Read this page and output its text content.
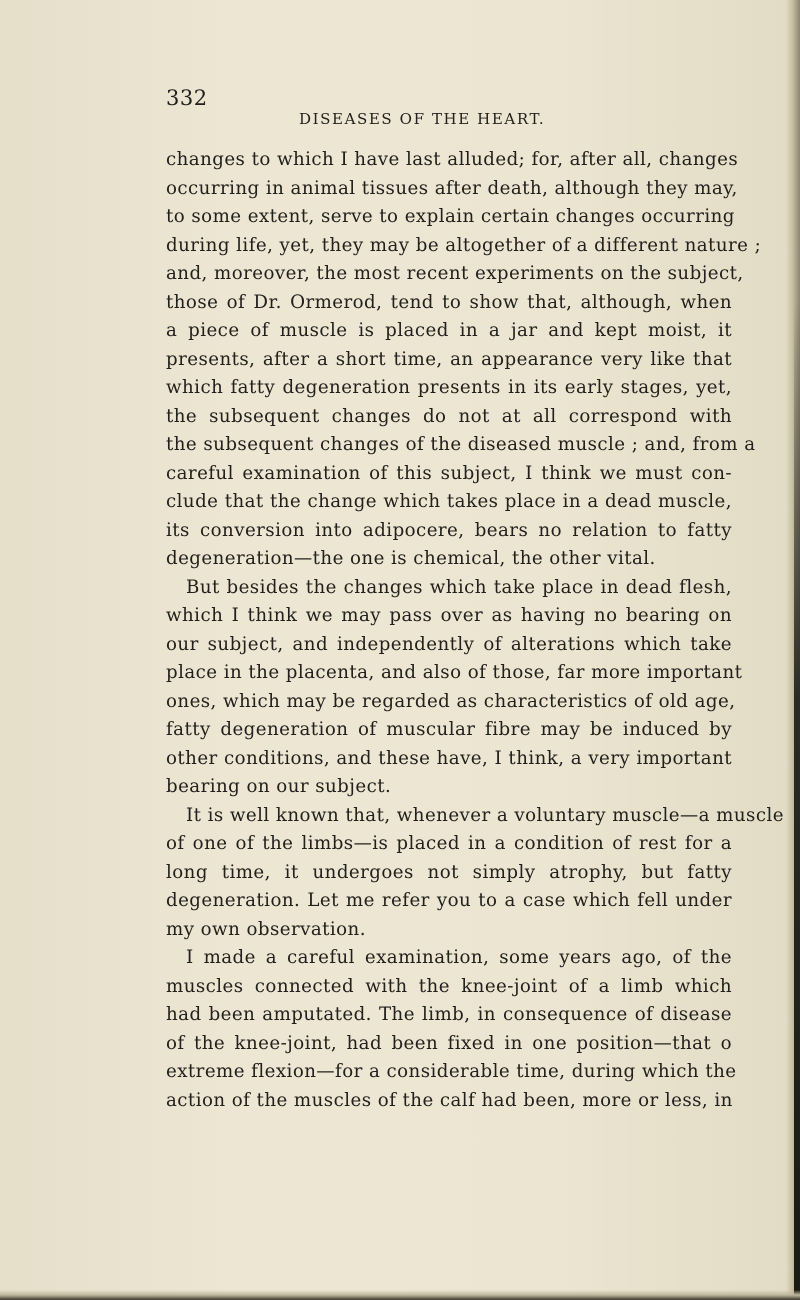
332
DISEASES OF THE HEART.
changes to which I have last alluded; for, after all, changes
occurring in animal tissues after death, although they may,
to some extent, serve to explain certain changes occurring
during life, yet, they may be altogether of a different nature ;
and, moreover, the most recent experiments on the subject,
those of Dr. Ormerod, tend to show that, although, when
a piece of muscle is placed in a jar and kept moist, it
presents, after a short time, an appearance very like that
which fatty degeneration presents in its early stages, yet,
the subsequent changes do not at all correspond with
the subsequent changes of the diseased muscle ; and, from a
careful examination of this subject, I think we must con-
clude that the change which takes place in a dead muscle,
its conversion into adipocere, bears no relation to fatty
degeneration—the one is chemical, the other vital.
But besides the changes which take place in dead flesh,
which I think we may pass over as having no bearing on
our subject, and independently of alterations which take
place in the placenta, and also of those, far more important
ones, which may be regarded as characteristics of old age,
fatty degeneration of muscular fibre may be induced by
other conditions, and these have, I think, a very important
bearing on our subject.
It is well known that, whenever a voluntary muscle—a muscle
of one of the limbs—is placed in a condition of rest for a
long time, it undergoes not simply atrophy, but fatty
degeneration. Let me refer you to a case which fell under
my own observation.
I made a careful examination, some years ago, of the
muscles connected with the knee-joint of a limb which
had been amputated. The limb, in consequence of disease
of the knee-joint, had been fixed in one position—that o
extreme flexion—for a considerable time, during which the
action of the muscles of the calf had been, more or less, in
